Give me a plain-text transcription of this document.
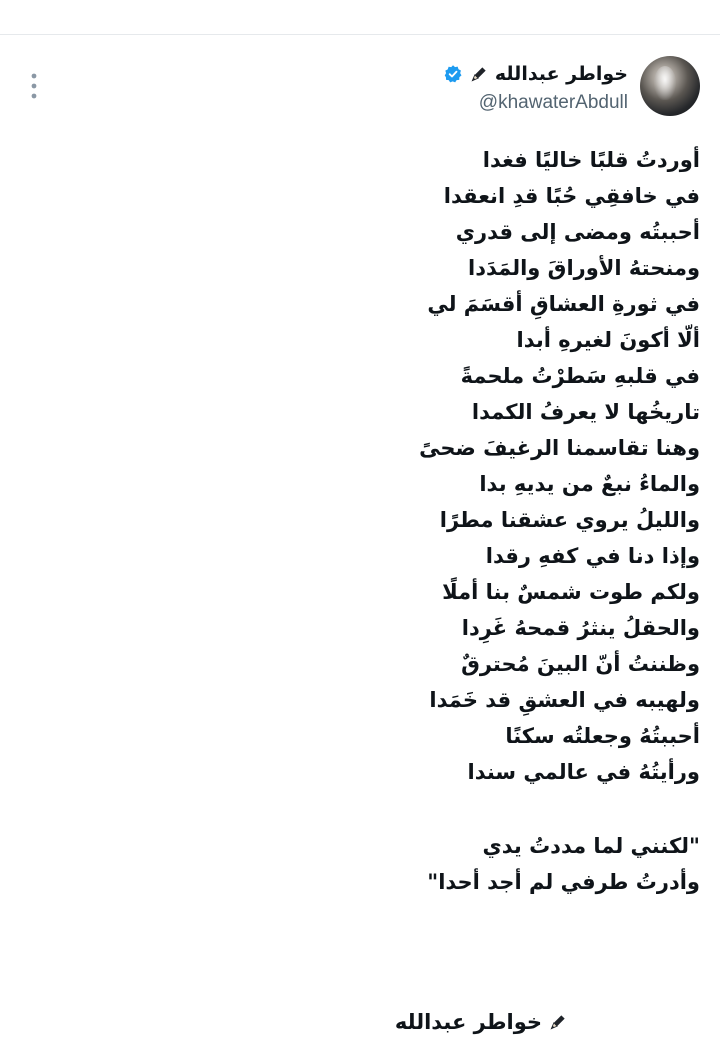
خواطر عبدالله
@khawaterAbdull
أوردتُ قلبًا خاليًا فغدا
في خافقِي حُبًا قدِ انعقدا
أحببتُه ومضى إلى قدري
ومنحتهُ الأوراقَ والمَدَدا
في ثورةِ العشاقِ أقسَمَ لي
ألّا أكونَ لغيرهِ أبدا
في قلبهِ سَطرْتُ ملحمةً
تاريخُها لا يعرفُ الكمدا
وهنا تقاسمنا الرغيفَ ضحىً
والماءُ نبعٌ من يديهِ بدا
والليلُ يروي عشقنا مطرًا
وإذا دنا في كفهِ رقدا
ولكم طوت شمسٌ بنا أملًا
والحقلُ ينثرُ قمحهُ غَرِدا
وظننتُ أنّ البينَ مُحترقٌ
ولهيبه في العشقِ قد خَمَدا
أحببتُهُ وجعلتُه سكنًا
ورأيتُهُ في عالمي سندا
"لكنني لما مددتُ يدي
وأدرتُ طرفي لم أجد أحدا"
خواطر عبدالله
